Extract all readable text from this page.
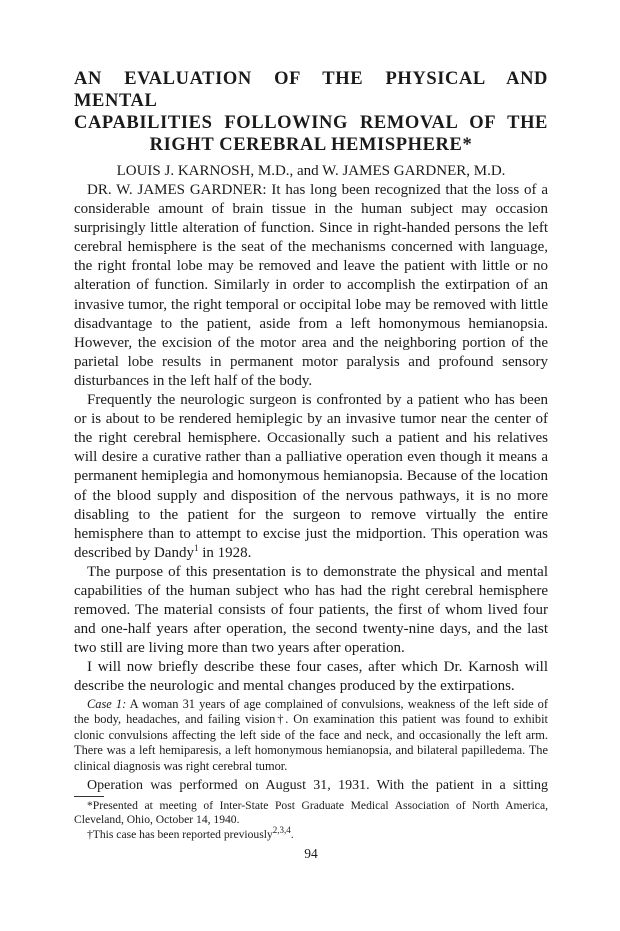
AN EVALUATION OF THE PHYSICAL AND MENTAL
CAPABILITIES FOLLOWING REMOVAL OF THE
RIGHT CEREBRAL HEMISPHERE*
LOUIS J. KARNOSH, M.D., and W. JAMES GARDNER, M.D.

DR. W. JAMES GARDNER: It has long been recognized that the loss of a considerable amount of brain tissue in the human subject may occasion surprisingly little alteration of function. Since in right-handed persons the left cerebral hemisphere is the seat of the mechanisms concerned with language, the right frontal lobe may be removed and leave the patient with little or no alteration of function. Similarly in order to accomplish the extirpation of an invasive tumor, the right temporal or occipital lobe may be removed with little disadvantage to the patient, aside from a left homonymous hemianopsia. However, the excision of the motor area and the neighboring portion of the parietal lobe results in permanent motor paralysis and profound sensory disturbances in the left half of the body.

Frequently the neurologic surgeon is confronted by a patient who has been or is about to be rendered hemiplegic by an invasive tumor near the center of the right cerebral hemisphere. Occasionally such a patient and his relatives will desire a curative rather than a palliative operation even though it means a permanent hemiplegia and homonymous hemianopsia. Because of the location of the blood supply and disposition of the nervous pathways, it is no more disabling to the patient for the surgeon to remove virtually the entire hemisphere than to attempt to excise just the midportion. This operation was described by Dandy$^1$ in 1928.

The purpose of this presentation is to demonstrate the physical and mental capabilities of the human subject who has had the right cerebral hemisphere removed. The material consists of four patients, the first of whom lived four and one-half years after operation, the second twenty-nine days, and the last two still are living more than two years after operation.

I will now briefly describe these four cases, after which Dr. Karnosh will describe the neurologic and mental changes produced by the extirpations.

Case 1: A woman 31 years of age complained of convulsions, weakness of the left side of the body, headaches, and failing vision†. On examination this patient was found to exhibit clonic convulsions affecting the left side of the face and neck, and occasionally the left arm. There was a left hemiparesis, a left homonymous hemianopsia, and bilateral papilledema. The clinical diagnosis was right cerebral tumor.

Operation was performed on August 31, 1931. With the patient in a sitting

*Presented at meeting of Inter-State Post Graduate Medical Association of North America, Cleveland, Ohio, October 14, 1940.

†This case has been reported previously$^{2,3,4}$.

94
